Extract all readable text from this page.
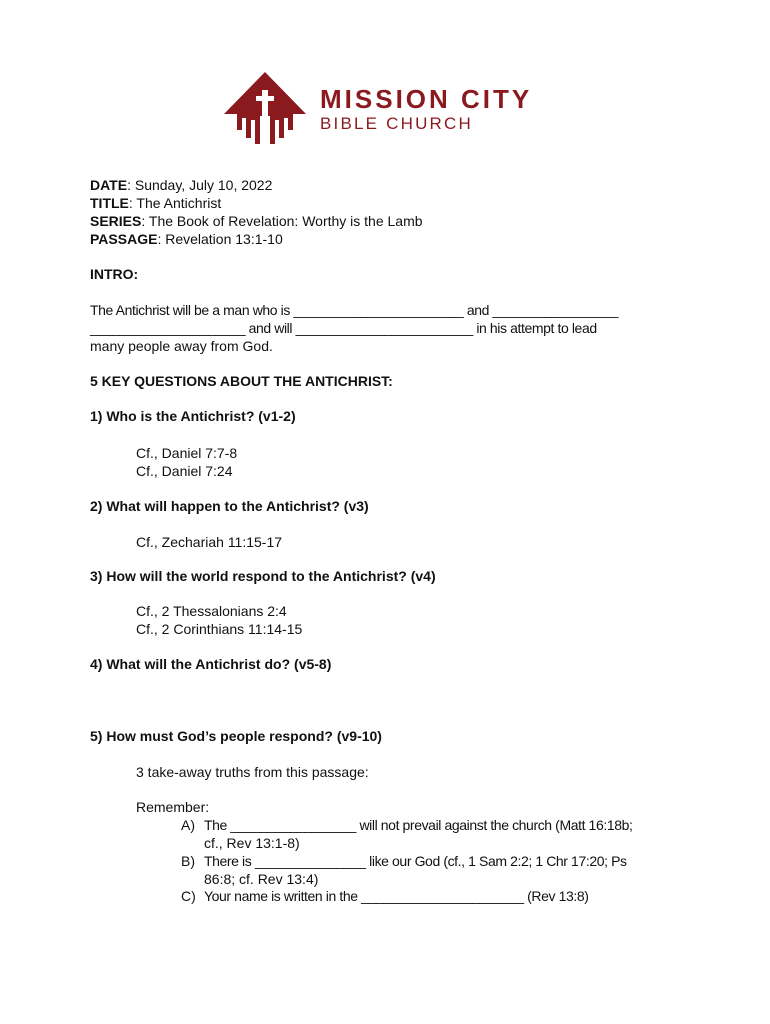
MISSION CITY
BIBLE CHURCH
DATE: Sunday, July 10, 2022
TITLE: The Antichrist
SERIES: The Book of Revelation: Worthy is the Lamb
PASSAGE: Revelation 13:1-10
INTRO:
The Antichrist will be a man who is _______________________ and _________________
_____________________ and will ________________________ in his attempt to lead
many people away from God.
5 KEY QUESTIONS ABOUT THE ANTICHRIST:
1) Who is the Antichrist? (v1-2)
Cf., Daniel 7:7-8
Cf., Daniel 7:24
2) What will happen to the Antichrist? (v3)
Cf., Zechariah 11:15-17
3) How will the world respond to the Antichrist? (v4)
Cf., 2 Thessalonians 2:4
Cf., 2 Corinthians 11:14-15
4) What will the Antichrist do? (v5-8)
5) How must God’s people respond? (v9-10)
3 take-away truths from this passage:
Remember:
A) The _________________ will not prevail against the church (Matt 16:18b;
cf., Rev 13:1-8)
B) There is _______________ like our God (cf., 1 Sam 2:2; 1 Chr 17:20; Ps
86:8; cf. Rev 13:4)
C) Your name is written in the ______________________ (Rev 13:8)
